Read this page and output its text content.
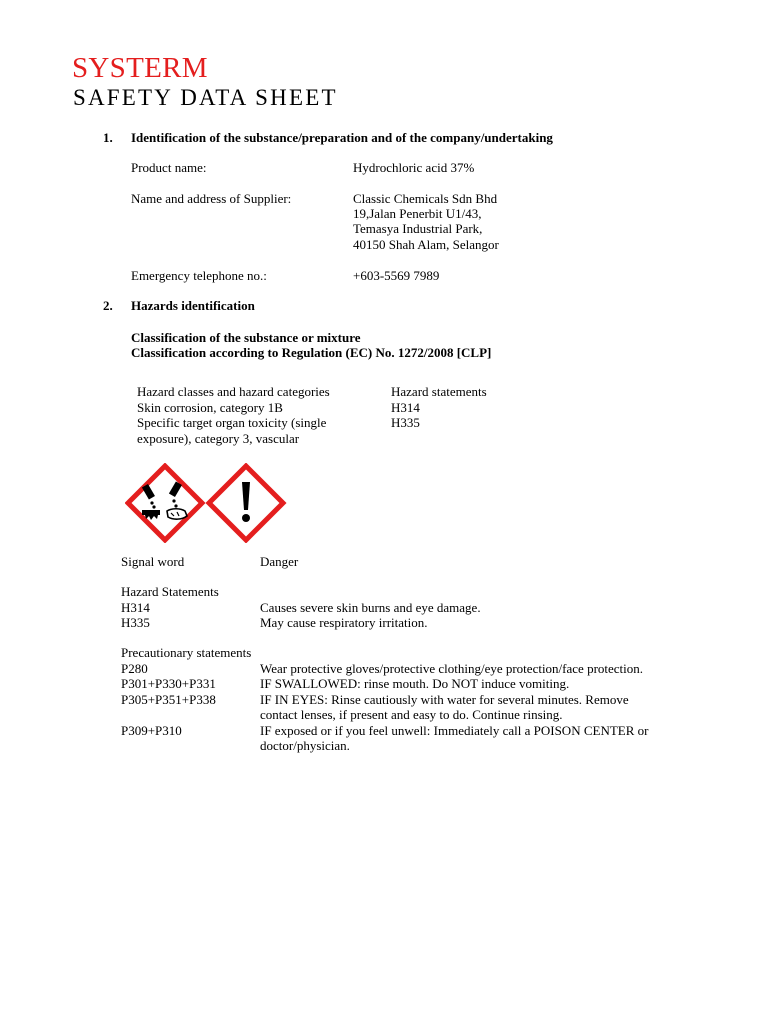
SYSTERM
SAFETY DATA SHEET
1. Identification of the substance/preparation and of the company/undertaking
Product name:	Hydrochloric acid 37%
Name and address of Supplier:	Classic Chemicals Sdn Bhd
19,Jalan Penerbit U1/43,
Temasya Industrial Park,
40150 Shah Alam, Selangor
Emergency telephone no.:	+603-5569 7989
2. Hazards identification
Classification of the substance or mixture
Classification according to Regulation (EC) No. 1272/2008 [CLP]
Hazard classes and hazard categories	Hazard statements
Skin corrosion, category 1B	H314
Specific target organ toxicity (single
exposure), category 3, vascular
H335
Signal word	Danger
Hazard Statements
H314	Causes severe skin burns and eye damage.
H335	May cause respiratory irritation.
Precautionary statements
P280	Wear protective gloves/protective clothing/eye protection/face protection.
P301+P330+P331	IF SWALLOWED: rinse mouth. Do NOT induce vomiting.
P305+P351+P338	IF IN EYES: Rinse cautiously with water for several minutes. Remove
contact lenses, if present and easy to do. Continue rinsing.
P309+P310	IF exposed or if you feel unwell: Immediately call a POISON CENTER or
doctor/physician.
